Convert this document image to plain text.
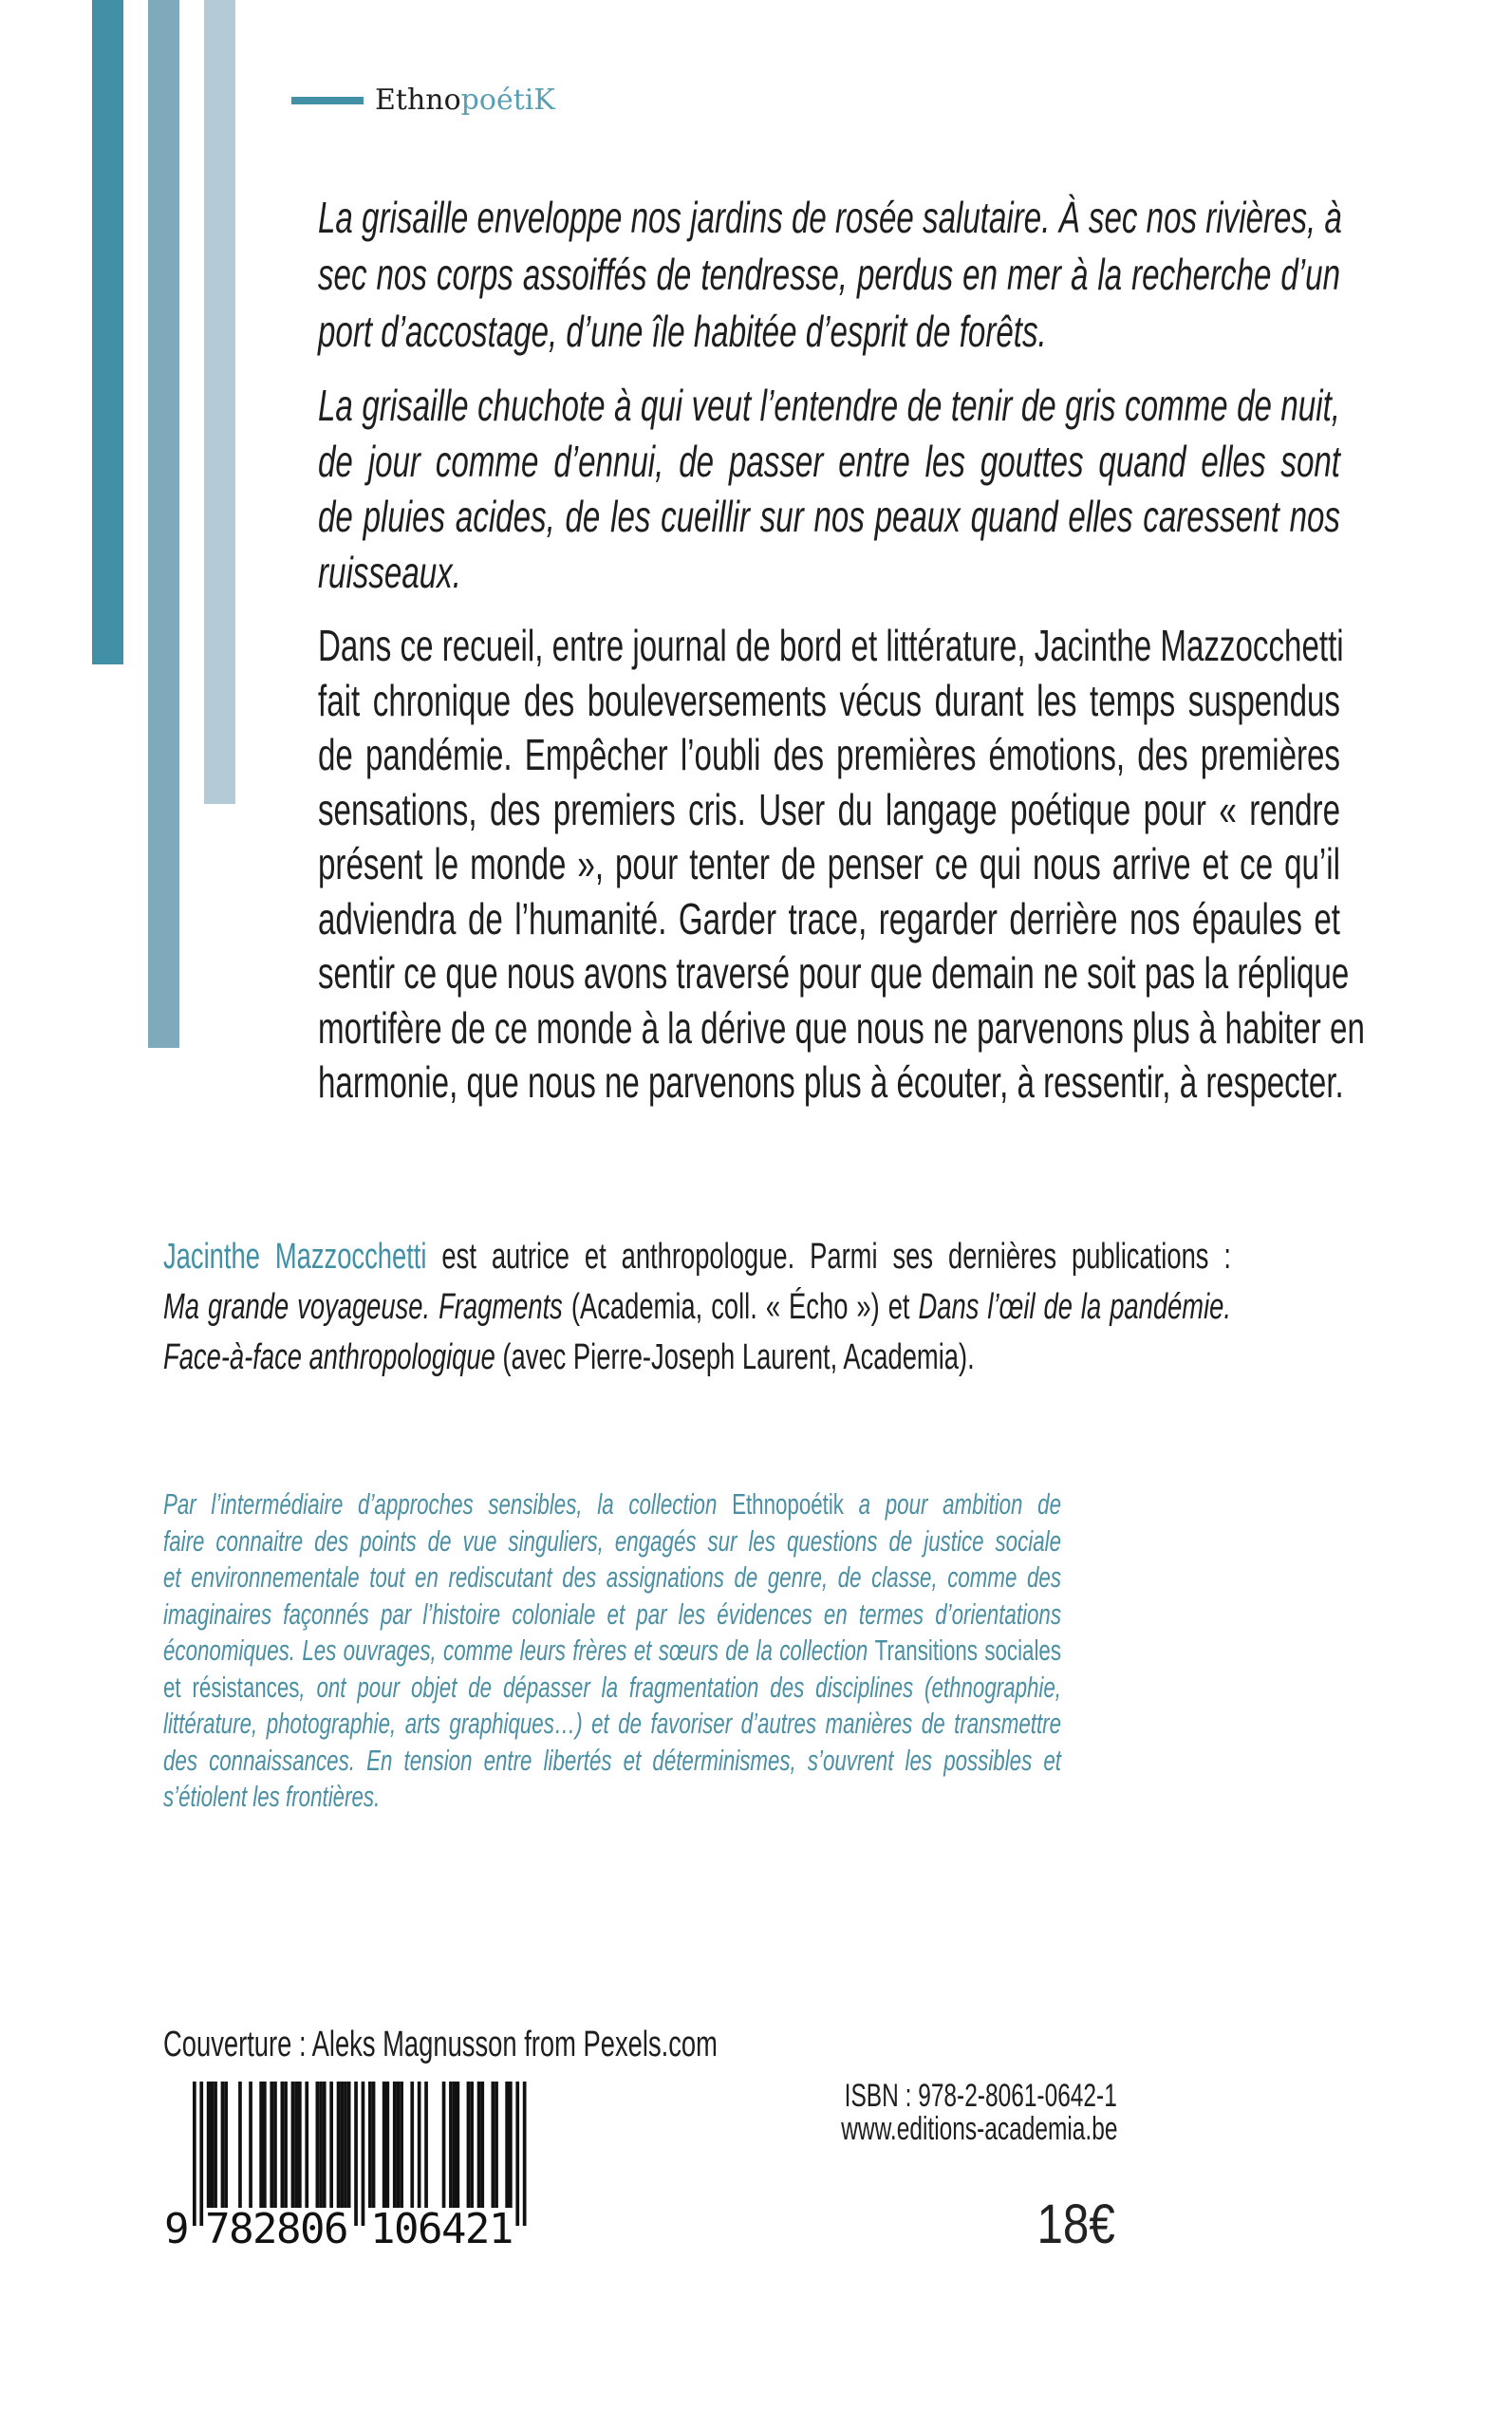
EthnopoétiK
La grisaille enveloppe nos jardins de rosée salutaire. À sec nos rivières, à
sec nos corps assoiffés de tendresse, perdus en mer à la recherche d’un
port d’accostage, d’une île habitée d’esprit de forêts.
La grisaille chuchote à qui veut l’entendre de tenir de gris comme de nuit,
de jour comme d’ennui, de passer entre les gouttes quand elles sont
de pluies acides, de les cueillir sur nos peaux quand elles caressent nos
ruisseaux.
Dans ce recueil, entre journal de bord et littérature, Jacinthe Mazzocchetti
fait chronique des bouleversements vécus durant les temps suspendus
de pandémie. Empêcher l’oubli des premières émotions, des premières
sensations, des premiers cris. User du langage poétique pour « rendre
présent le monde », pour tenter de penser ce qui nous arrive et ce qu’il
adviendra de l’humanité. Garder trace, regarder derrière nos épaules et
sentir ce que nous avons traversé pour que demain ne soit pas la réplique
mortifère de ce monde à la dérive que nous ne parvenons plus à habiter en
harmonie, que nous ne parvenons plus à écouter, à ressentir, à respecter.
Jacinthe Mazzocchetti est autrice et anthropologue. Parmi ses dernières publications :
Ma grande voyageuse. Fragments (Academia, coll. « Écho ») et Dans l’œil de la pandémie.
Face-à-face anthropologique (avec Pierre-Joseph Laurent, Academia).
Par l’intermédiaire d’approches sensibles, la collection Ethnopoétik a pour ambition de
faire connaitre des points de vue singuliers, engagés sur les questions de justice sociale
et environnementale tout en rediscutant des assignations de genre, de classe, comme des
imaginaires façonnés par l’histoire coloniale et par les évidences en termes d’orientations
économiques. Les ouvrages, comme leurs frères et sœurs de la collection Transitions sociales
et résistances, ont pour objet de dépasser la fragmentation des disciplines (ethnographie,
littérature, photographie, arts graphiques…) et de favoriser d’autres manières de transmettre
des connaissances. En tension entre libertés et déterminismes, s’ouvrent les possibles et
s’étiolent les frontières.
Couverture : Aleks Magnusson from Pexels.com
9 782806 106421
ISBN : 978-2-8061-0642-1
www.editions-academia.be
18€
